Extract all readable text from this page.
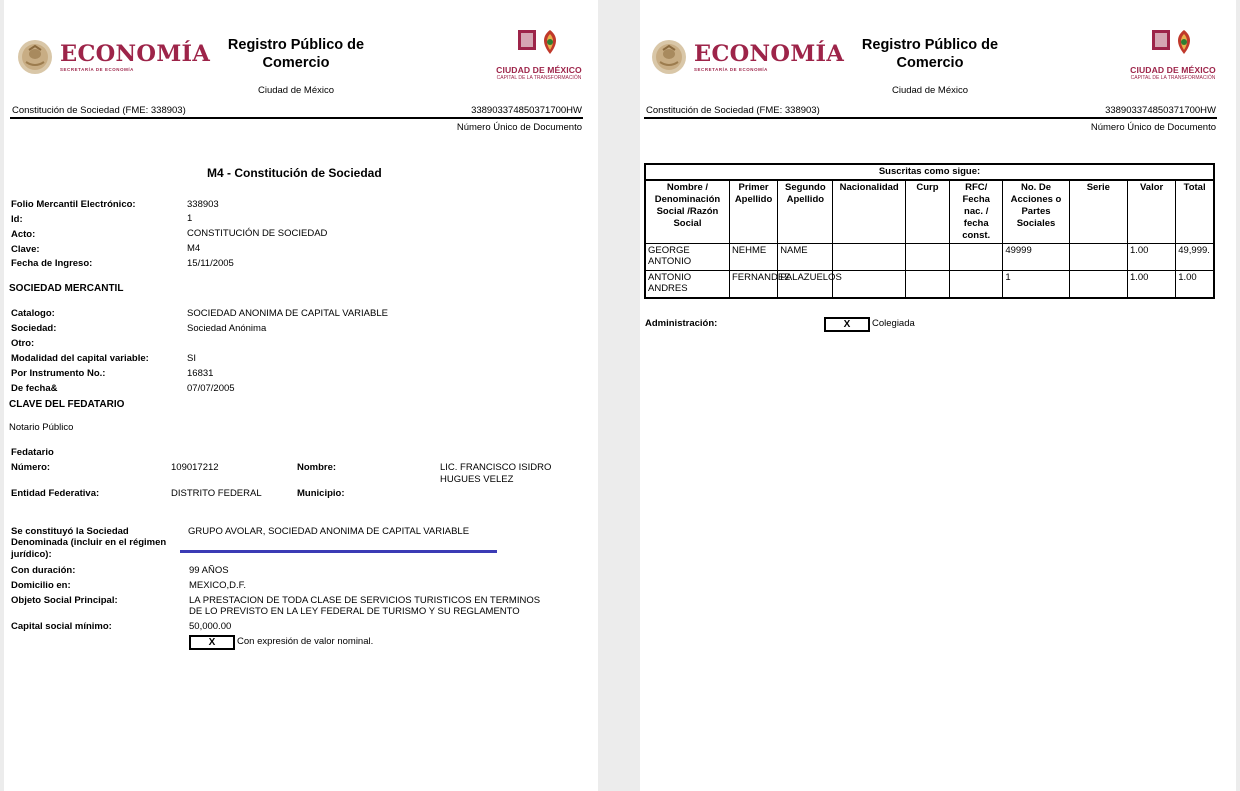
ECONOMÍA
SECRETARÍA DE ECONOMÍA
Registro Público de Comercio
Ciudad de México
CIUDAD DE MÉXICO
CAPITAL DE LA TRANSFORMACIÓN
Constitución de Sociedad (FME: 338903)	338903374850371700HW
Número Único de Documento
M4 - Constitución de Sociedad
Folio Mercantil Electrónico:	338903
Id:	1
Acto:	CONSTITUCIÓN DE SOCIEDAD
Clave:	M4
Fecha de Ingreso:	15/11/2005
SOCIEDAD MERCANTIL
Catalogo:	SOCIEDAD ANONIMA DE CAPITAL VARIABLE
Sociedad:	Sociedad Anónima
Otro:
Modalidad del capital variable:	SI
Por Instrumento No.:	16831
De fecha&	07/07/2005
CLAVE DEL FEDATARIO
Notario Público
Fedatario
Número:	109017212	Nombre:	LIC. FRANCISCO ISIDRO
HUGUES VELEZ
Entidad Federativa:	DISTRITO FEDERAL	Municipio:
Se constituyó la Sociedad
Denominada (incluir en el régimen
jurídico):
GRUPO AVOLAR, SOCIEDAD ANONIMA DE CAPITAL VARIABLE
Con duración:	99 AÑOS
Domicilio en:	MEXICO,D.F.
Objeto Social Principal:	LA PRESTACION DE TODA CLASE DE SERVICIOS TURISTICOS EN TERMINOS
DE LO PREVISTO EN LA LEY FEDERAL DE TURISMO Y SU REGLAMENTO
Capital social mínimo:	50,000.00
X	Con expresión de valor nominal.
ECONOMÍA
SECRETARÍA DE ECONOMÍA
Registro Público de Comercio
Ciudad de México
CIUDAD DE MÉXICO
CAPITAL DE LA TRANSFORMACIÓN
Constitución de Sociedad (FME: 338903)	338903374850371700HW
Número Único de Documento
Suscritas como sigue:									
Nombre / Denominación Social /Razón Social	Primer Apellido	Segundo Apellido	Nacionalidad	Curp	RFC/ Fecha nac. / fecha const.	No. De Acciones o Partes Sociales	Serie	Valor	Total

GEORGE
ANTONIO	NEHME	NAME				49999		1.00	49,999.

ANTONIO
ANDRES	FERNANDEZ	PALAZUELOS				1		1.00	1.00
Administración:	X	Colegiada
